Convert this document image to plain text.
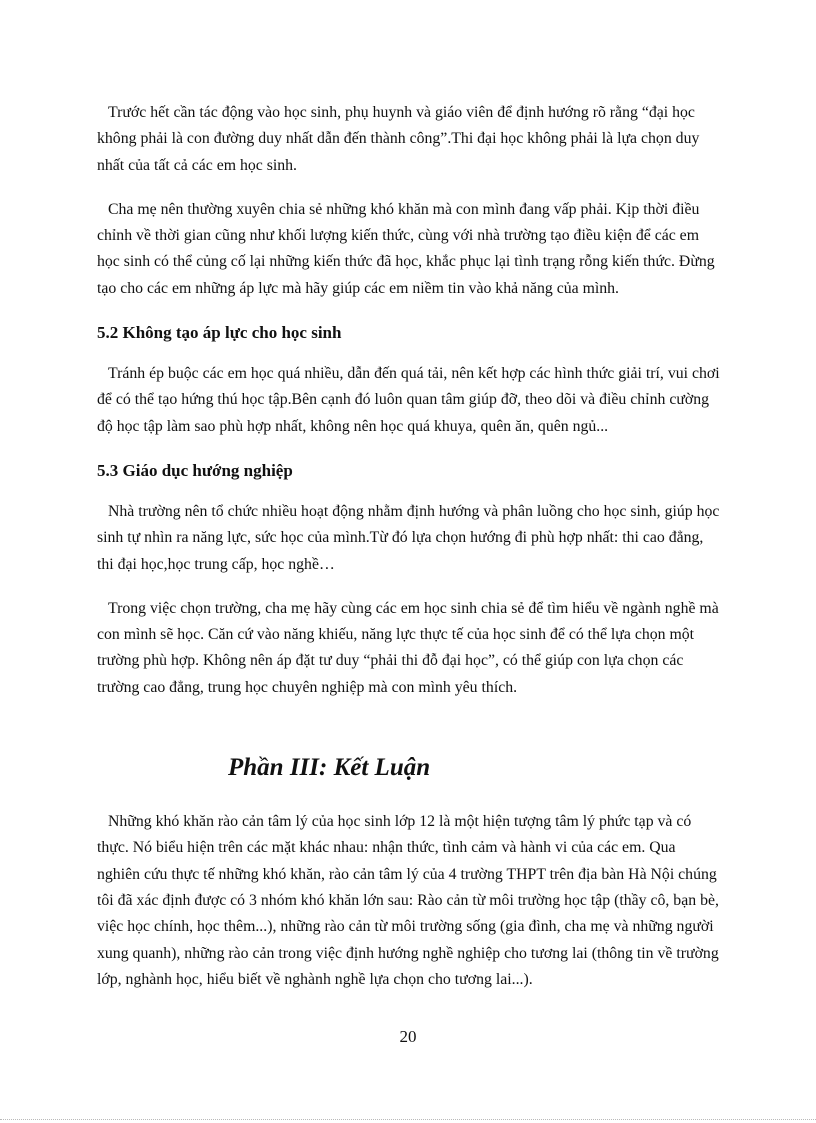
Trước hết cần tác động vào học sinh, phụ huynh và giáo viên để định hướng rõ rằng “đại học không phải là con đường duy nhất dẫn đến thành công”.Thi đại học không phải là lựa chọn duy nhất của tất cả các em học sinh.

Cha mẹ nên thường xuyên chia sẻ những khó khăn mà con mình đang vấp phải. Kịp thời điều chỉnh về thời gian cũng như khối lượng kiến thức, cùng với nhà trường tạo điều kiện để các em học sinh có thể củng cố lại những kiến thức đã học, khắc phục lại tình trạng rỗng kiến thức. Đừng tạo cho các em những áp lực mà hãy giúp các em niềm tin vào khả năng của mình.

5.2 Không tạo áp lực cho học sinh

Tránh ép buộc các em học quá nhiều, dẫn đến quá tải, nên kết hợp các hình thức giải trí, vui chơi để có thể tạo hứng thú học tập.Bên cạnh đó luôn quan tâm giúp đỡ, theo dõi và điều chỉnh cường độ học tập làm sao phù hợp nhất, không nên học quá khuya, quên ăn, quên ngủ...

5.3 Giáo dục hướng nghiệp

Nhà trường nên tổ chức nhiều hoạt động nhằm định hướng và phân luồng cho học sinh, giúp học sinh tự nhìn ra năng lực, sức học của mình.Từ đó lựa chọn hướng đi phù hợp nhất: thi cao đẳng, thi đại học,học trung cấp, học nghề…

Trong việc chọn trường, cha mẹ hãy cùng các em học sinh chia sẻ để tìm hiểu về ngành nghề mà con mình sẽ học. Căn cứ vào năng khiếu, năng lực thực tế của học sinh để có thể lựa chọn một trường phù hợp. Không nên áp đặt tư duy “phải thi đỗ đại học”, có thể giúp con lựa chọn các trường cao đẳng, trung học chuyên nghiệp mà con mình yêu thích.

Phần III: Kết Luận

Những khó khăn rào cản tâm lý của học sinh lớp 12 là một hiện tượng tâm lý phức tạp và có thực. Nó biểu hiện trên các mặt khác nhau: nhận thức, tình cảm và hành vi của các em. Qua nghiên cứu thực tế những khó khăn, rào cản tâm lý của 4 trường THPT trên địa bàn Hà Nội chúng tôi đã xác định được có 3 nhóm khó khăn lớn sau: Rào cản từ môi trường học tập (thầy cô, bạn bè, việc học chính, học thêm...), những rào cản từ môi trường sống (gia đình, cha mẹ và những người xung quanh), những rào cản trong việc định hướng nghề nghiệp cho tương lai (thông tin về trường lớp, nghành học, hiểu biết về nghành nghề lựa chọn cho tương lai...).

20
